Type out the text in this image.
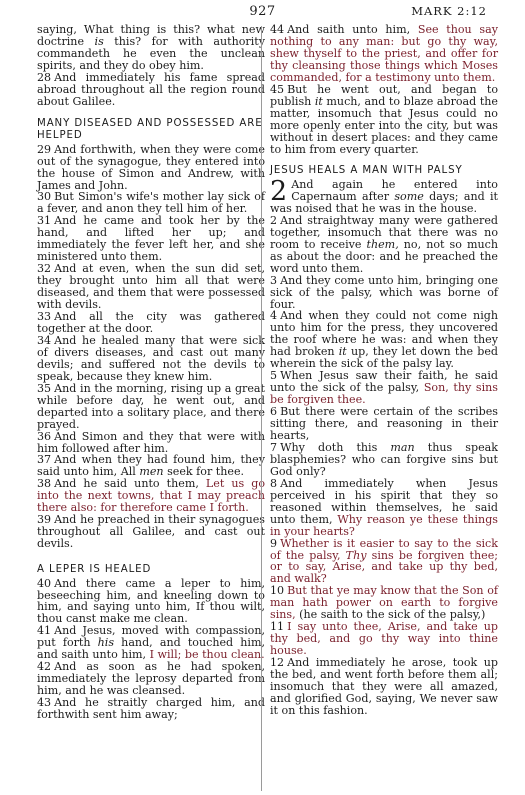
927	MARK 2:12

saying, What thing is this? what new doctrine is this? for with authority commandeth he even the unclean spirits, and they do obey him.

28 And immediately his fame spread abroad throughout all the region round about Galilee.

MANY DISEASED AND POSSESSED ARE HELPED

29 And forthwith, when they were come out of the synagogue, they entered into the house of Simon and Andrew, with James and John.

30 But Simon's wife's mother lay sick of a fever, and anon they tell him of her.

31 And he came and took her by the hand, and lifted her up; and immediately the fever left her, and she ministered unto them.

32 And at even, when the sun did set, they brought unto him all that were diseased, and them that were possessed with devils.

33 And all the city was gathered together at the door.

34 And he healed many that were sick of divers diseases, and cast out many devils; and suffered not the devils to speak, because they knew him.

35 And in the morning, rising up a great while before day, he went out, and departed into a solitary place, and there prayed.

36 And Simon and they that were with him followed after him.

37 And when they had found him, they said unto him, All men seek for thee.

38 And he said unto them, Let us go into the next towns, that I may preach there also: for therefore came I forth.

39 And he preached in their synagogues throughout all Galilee, and cast out devils.

A LEPER IS HEALED

40 And there came a leper to him, beseeching him, and kneeling down to him, and saying unto him, If thou wilt, thou canst make me clean.

41 And Jesus, moved with compassion, put forth his hand, and touched him, and saith unto him, I will; be thou clean.

42 And as soon as he had spoken, immediately the leprosy departed from him, and he was cleansed.

43 And he straitly charged him, and forthwith sent him away;

44 And saith unto him, See thou say nothing to any man: but go thy way, shew thyself to the priest, and offer for thy cleansing those things which Moses commanded, for a testimony unto them.

45 But he went out, and began to publish it much, and to blaze abroad the matter, insomuch that Jesus could no more openly enter into the city, but was without in desert places: and they came to him from every quarter.

JESUS HEALS A MAN WITH PALSY

2 And again he entered into Capernaum after some days; and it was noised that he was in the house.

2 And straightway many were gathered together, insomuch that there was no room to receive them, no, not so much as about the door: and he preached the word unto them.

3 And they come unto him, bringing one sick of the palsy, which was borne of four.

4 And when they could not come nigh unto him for the press, they uncovered the roof where he was: and when they had broken it up, they let down the bed wherein the sick of the palsy lay.

5 When Jesus saw their faith, he said unto the sick of the palsy, Son, thy sins be forgiven thee.

6 But there were certain of the scribes sitting there, and reasoning in their hearts,

7 Why doth this man thus speak blasphemies? who can forgive sins but God only?

8 And immediately when Jesus perceived in his spirit that they so reasoned within themselves, he said unto them, Why reason ye these things in your hearts?

9 Whether is it easier to say to the sick of the palsy, Thy sins be forgiven thee; or to say, Arise, and take up thy bed, and walk?

10 But that ye may know that the Son of man hath power on earth to forgive sins, (he saith to the sick of the palsy,)

11 I say unto thee, Arise, and take up thy bed, and go thy way into thine house.

12 And immediately he arose, took up the bed, and went forth before them all; insomuch that they were all amazed, and glorified God, saying, We never saw it on this fashion.
